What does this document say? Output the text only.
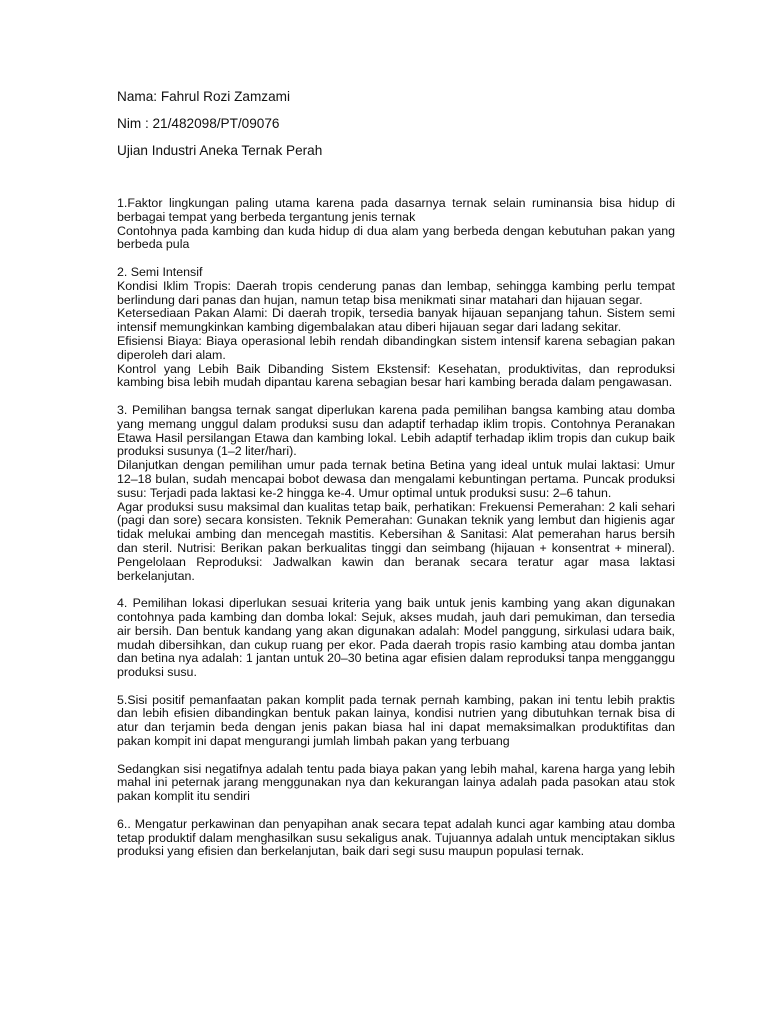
Nama: Fahrul Rozi Zamzami
Nim : 21/482098/PT/09076
Ujian Industri Aneka Ternak Perah

1.Faktor lingkungan paling utama karena pada dasarnya ternak selain ruminansia bisa hidup di berbagai tempat yang berbeda tergantung jenis ternak

Contohnya pada kambing dan kuda hidup di dua alam yang berbeda dengan kebutuhan pakan yang berbeda pula

2. Semi Intensif

Kondisi Iklim Tropis: Daerah tropis cenderung panas dan lembap, sehingga kambing perlu tempat berlindung dari panas dan hujan, namun tetap bisa menikmati sinar matahari dan hijauan segar.

Ketersediaan Pakan Alami: Di daerah tropik, tersedia banyak hijauan sepanjang tahun. Sistem semi intensif memungkinkan kambing digembalakan atau diberi hijauan segar dari ladang sekitar.

Efisiensi Biaya: Biaya operasional lebih rendah dibandingkan sistem intensif karena sebagian pakan diperoleh dari alam.

Kontrol yang Lebih Baik Dibanding Sistem Ekstensif: Kesehatan, produktivitas, dan reproduksi kambing bisa lebih mudah dipantau karena sebagian besar hari kambing berada dalam pengawasan.

3. Pemilihan bangsa ternak sangat diperlukan karena pada pemilihan bangsa kambing atau domba yang memang unggul dalam produksi susu dan adaptif terhadap iklim tropis. Contohnya Peranakan Etawa Hasil persilangan Etawa dan kambing lokal. Lebih adaptif terhadap iklim tropis dan cukup baik produksi susunya (1–2 liter/hari).

Dilanjutkan dengan pemilihan umur pada ternak betina Betina yang ideal untuk mulai laktasi: Umur 12–18 bulan, sudah mencapai bobot dewasa dan mengalami kebuntingan pertama. Puncak produksi susu: Terjadi pada laktasi ke-2 hingga ke-4. Umur optimal untuk produksi susu: 2–6 tahun.

Agar produksi susu maksimal dan kualitas tetap baik, perhatikan: Frekuensi Pemerahan: 2 kali sehari (pagi dan sore) secara konsisten. Teknik Pemerahan: Gunakan teknik yang lembut dan higienis agar tidak melukai ambing dan mencegah mastitis. Kebersihan & Sanitasi: Alat pemerahan harus bersih dan steril. Nutrisi: Berikan pakan berkualitas tinggi dan seimbang (hijauan + konsentrat + mineral). Pengelolaan Reproduksi: Jadwalkan kawin dan beranak secara teratur agar masa laktasi berkelanjutan.

4. Pemilihan lokasi diperlukan sesuai kriteria yang baik untuk jenis kambing yang akan digunakan contohnya pada kambing dan domba lokal: Sejuk, akses mudah, jauh dari pemukiman, dan tersedia air bersih. Dan bentuk kandang yang akan digunakan adalah: Model panggung, sirkulasi udara baik, mudah dibersihkan, dan cukup ruang per ekor. Pada daerah tropis rasio kambing atau domba jantan dan betina nya adalah: 1 jantan untuk 20–30 betina agar efisien dalam reproduksi tanpa mengganggu produksi susu.

5.Sisi positif pemanfaatan pakan komplit pada ternak pernah kambing, pakan ini tentu lebih praktis dan lebih efisien dibandingkan bentuk pakan lainya, kondisi nutrien yang dibutuhkan ternak bisa di atur dan terjamin beda dengan jenis pakan biasa hal ini dapat memaksimalkan produktifitas dan pakan kompit ini dapat mengurangi jumlah limbah pakan yang terbuang

Sedangkan sisi negatifnya adalah tentu pada biaya pakan yang lebih mahal, karena harga yang lebih mahal ini peternak jarang menggunakan nya dan kekurangan lainya adalah pada pasokan atau stok pakan komplit itu sendiri

6.. Mengatur perkawinan dan penyapihan anak secara tepat adalah kunci agar kambing atau domba tetap produktif dalam menghasilkan susu sekaligus anak. Tujuannya adalah untuk menciptakan siklus produksi yang efisien dan berkelanjutan, baik dari segi susu maupun populasi ternak.
